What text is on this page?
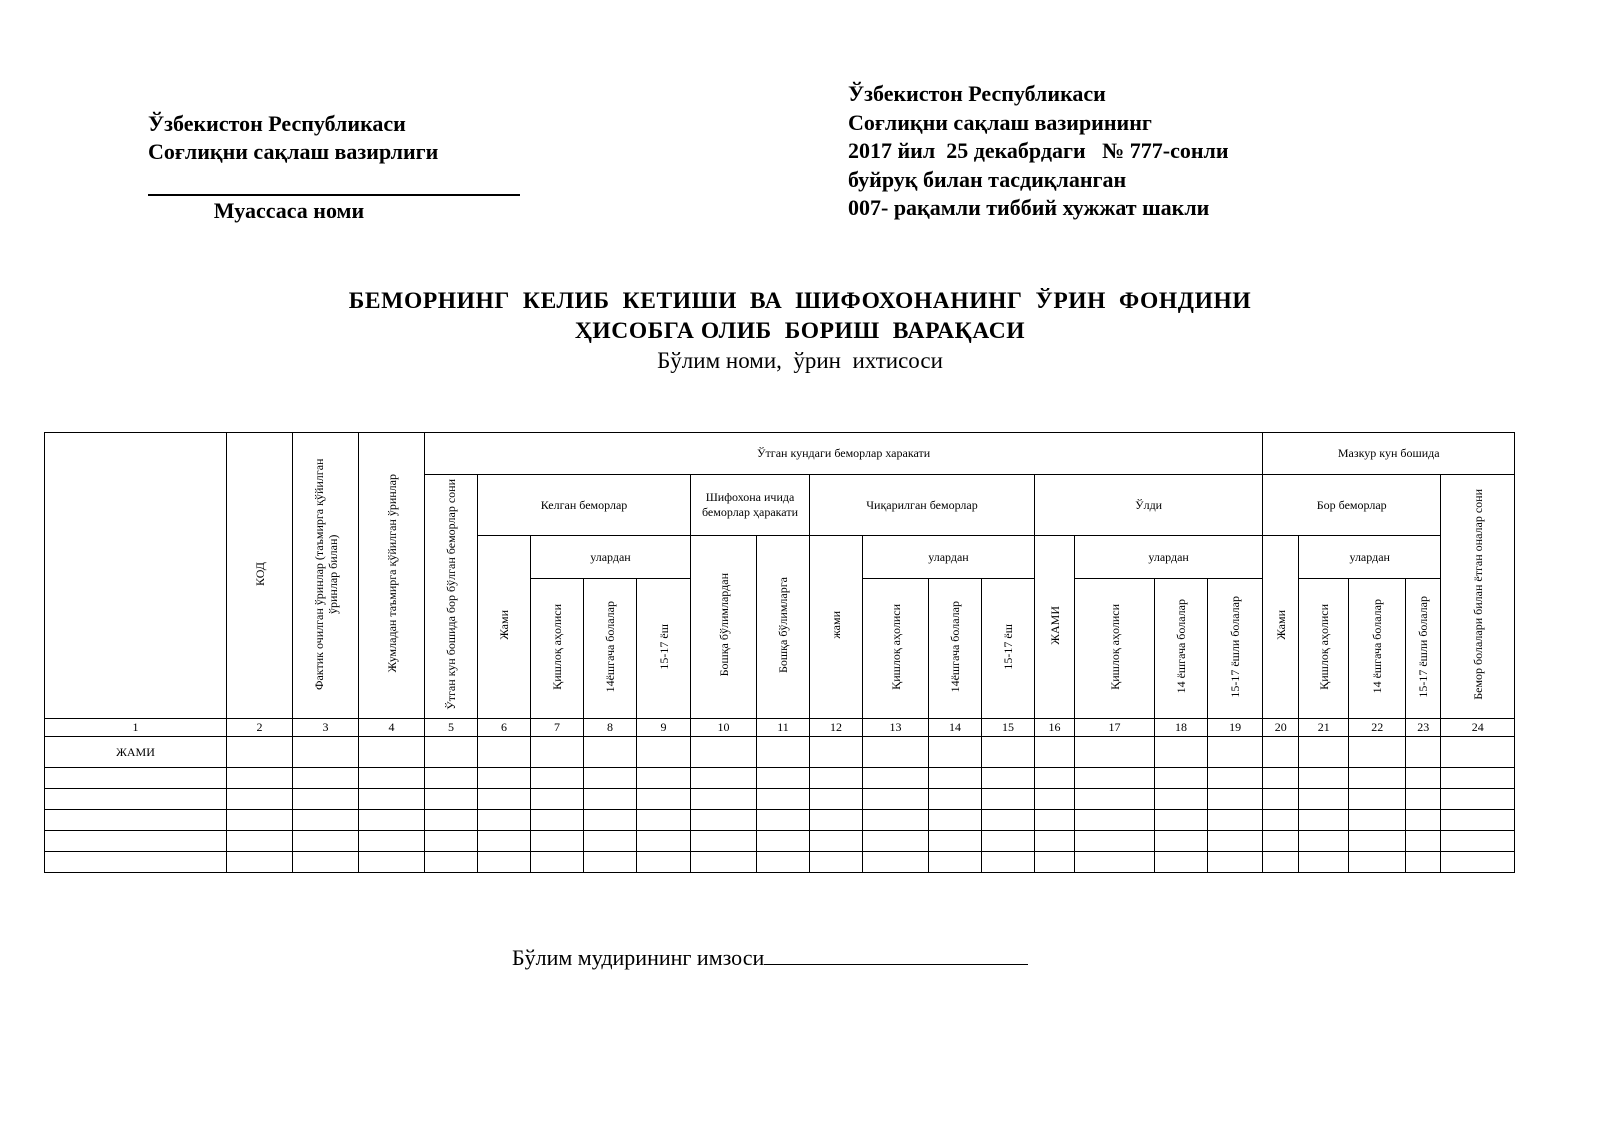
Ўзбекистон Республикаси
Соғлиқни сақлаш вазирлиги
Муассаса номи
Ўзбекистон Республикаси
Соғлиқни сақлаш вазирининг
2017 йил  25 декабрдаги   № 777-сонли
буйруқ билан тасдиқланган
007- рақамли тиббий хужжат шакли
БЕМОРНИНГ  КЕЛИБ  КЕТИШИ  ВА  ШИФОХОНАНИНГ  ЎРИН  ФОНДИНИ
ҲИСОБГА ОЛИБ  БОРИШ  ВАРАҚАСИ
Бўлим номи,  ўрин  ихтисоси
	КОД	Фактик очилган ўринлар (таъмирга қўйилган ўринлар билан)	Жумладан таъмирга қўйилган ўринлар	Ўтган кундаги беморлар харакати															Мазкур кун бошида				
				Ўтган кун бошида бор бўлган беморлар сони	Келган беморлар				Шифохона ичида беморлар ҳаракати		Чиқарилган беморлар				Ўлди				Бор беморлар				Бемор болалари билан ётган оналар сони
					Жами	улардан			Бошқа бўлимлардан	Бошқа бўлимларга	жами	улардан			ЖАМИ	улардан			Жами	улардан			
						Қишлоқ аҳолиси	14ёшгача болалар	15-17 ёш				Қишлоқ аҳолиси	14ёшгача болалар	15-17 ёш		Қишлоқ аҳолиси	14 ёшгача болалар	15-17 ёшли болалар		Қишлоқ аҳолиси	14 ёшгача болалар	15-17 ёшли болалар	
1	2	3	4	5	6	7	8	9	10	11	12	13	14	15	16	17	18	19	20	21	22	23	24
ЖАМИ																							

Бўлим мудирининг имзоси
